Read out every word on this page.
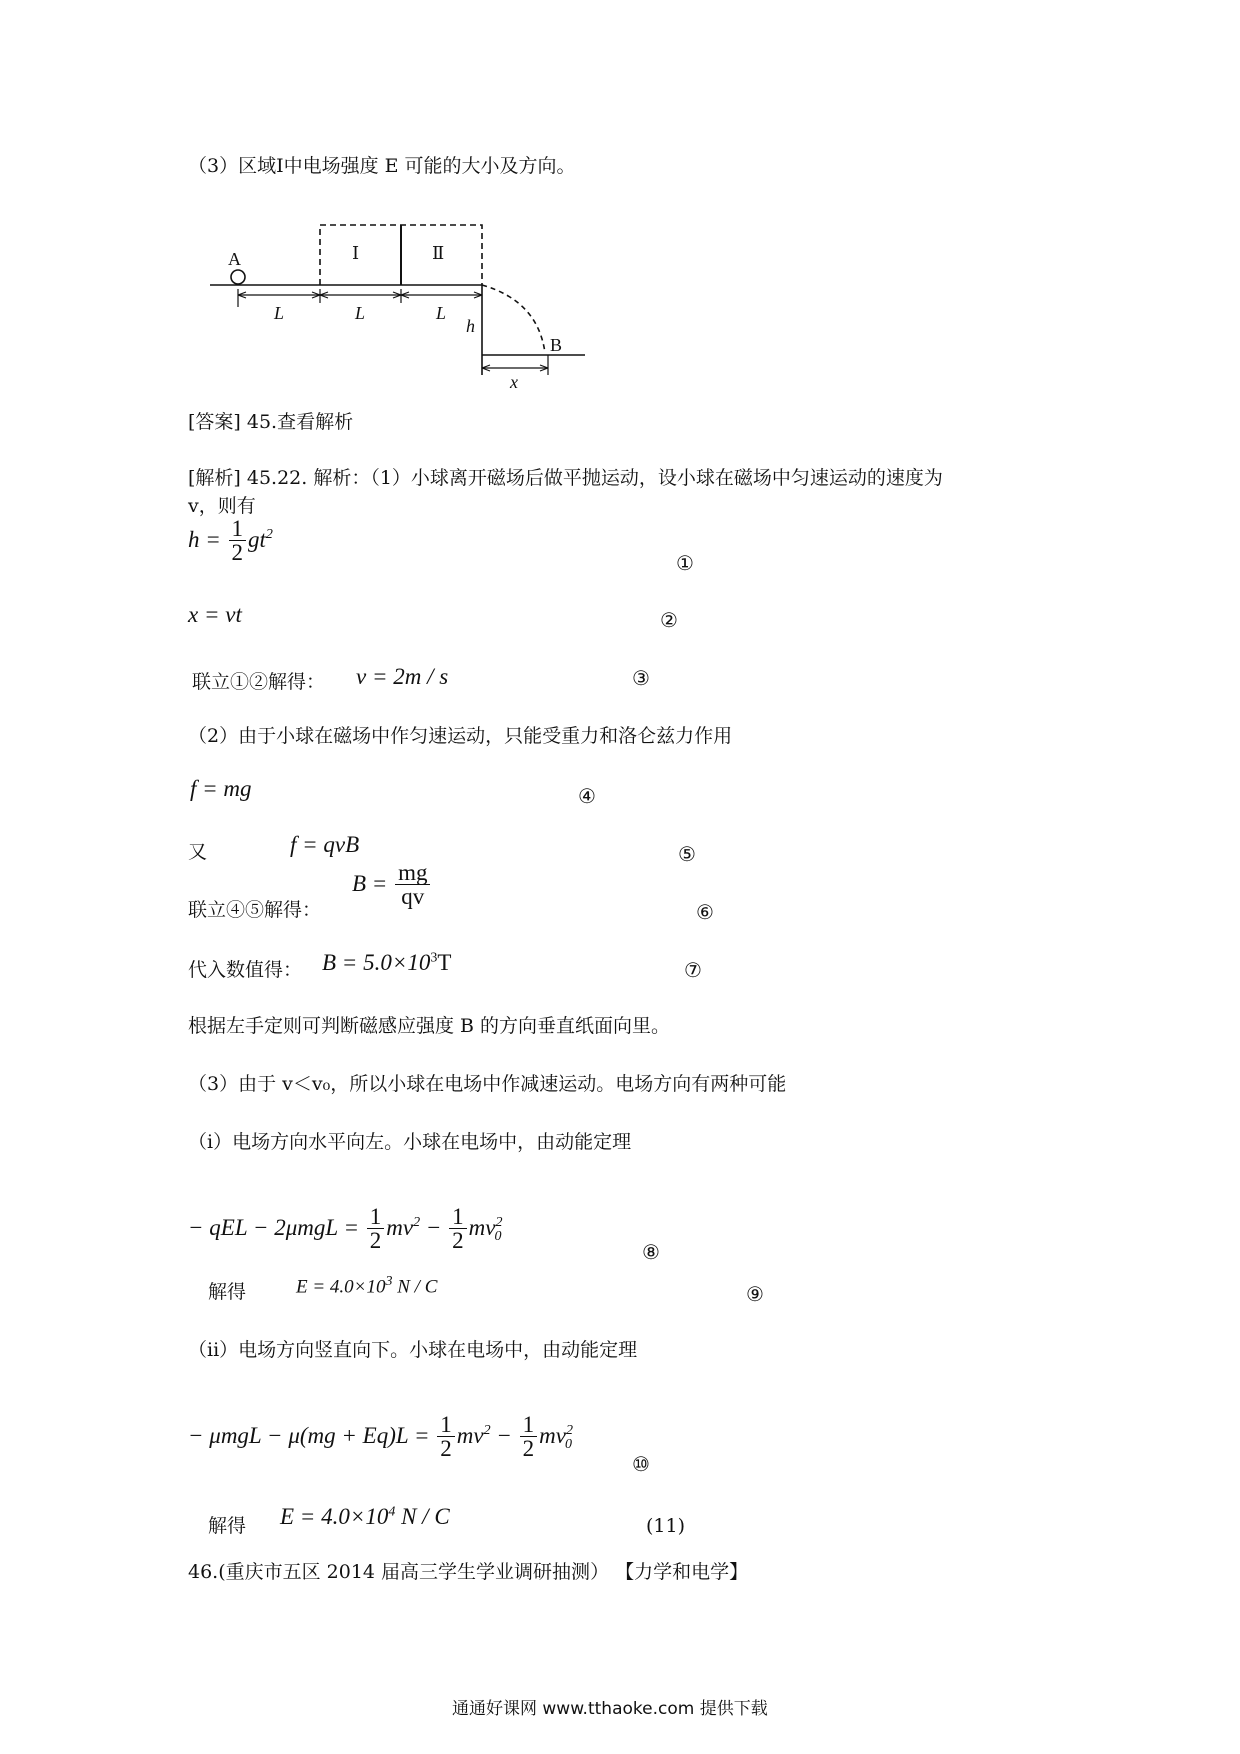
（3）区域Ⅰ中电场强度 E 可能的大小及方向。
A	Ⅰ	Ⅱ
L	L	L
h
B
x
[答案] 45.查看解析
[解析] 45.22. 解析：（1）小球离开磁场后做平抛运动，设小球在磁场中匀速运动的速度为
v，则有
$h = \frac{1}{2} gt^2$
①
x = vt	②
联立①②解得： v = 2m / s	③
（2）由于小球在磁场中作匀速运动，只能受重力和洛仑兹力作用
f = mg	④
又	f = qvB	⑤
$B = \frac{mg}{qv}$
联立④⑤解得：	⑥
代入数值得： $B = 5.0\times 10^3T$	⑦
根据左手定则可判断磁感应强度 B 的方向垂直纸面向里。
（3）由于 v＜v₀，所以小球在电场中作减速运动。电场方向有两种可能
（i）电场方向水平向左。小球在电场中，由动能定理
− qEL − $2\mu mgL = \frac{1}{2} mv^2 - \frac{1}{2} mv^2_0$
⑧
解得	$E = 4.0\times 10^3$ N / C	⑨
（ii）电场方向竖直向下。小球在电场中，由动能定理
− $\mu mgL - \mu(mg + Eq)L = \frac{1}{2} mv^2 - \frac{1}{2} mv^2_0$
⑩
解得 $E = 4.0\times 10^4$ N / C	(11)
46.(重庆市五区 2014 届高三学生学业调研抽测） 【力学和电学】
通通好课网 www.tthaoke.com 提供下载
